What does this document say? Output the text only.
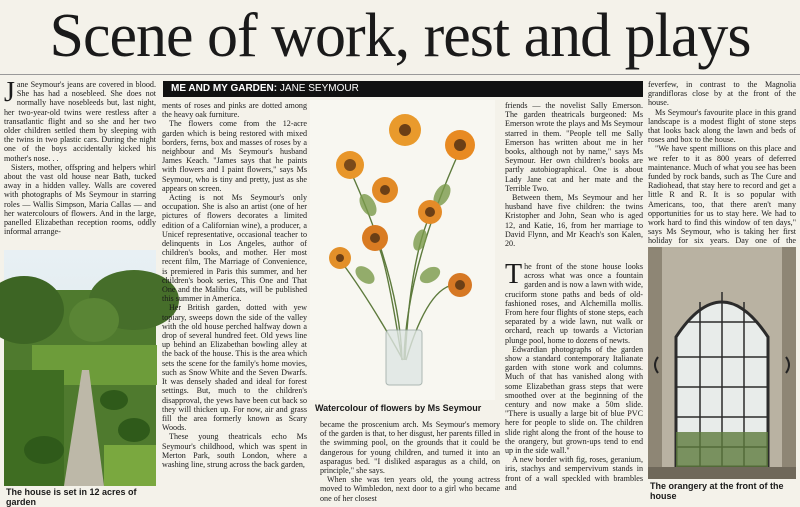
Scene of work, rest and plays
ME AND MY GARDEN: JANE SEYMOUR

Jane Seymour's jeans are covered in blood. She has had a nosebleed. She does not normally have nosebleeds but, last night, her two-year-old twins were restless after a transatlantic flight and so she and her two older children settled them by sleeping with the twins in two plastic cars. During the night one of the boys accidentally kicked his mother's nose. . .

Sisters, mother, offspring and helpers whirl about the vast old house near Bath, tucked away in a hidden valley. Walls are covered with photographs of Ms Seymour in starring roles — Wallis Simpson, Maria Callas — and her watercolours of flowers. And in the large, panelled Elizabethan reception rooms, oddly informal arrange-

The house is set in 12 acres of garden

ments of roses and pinks are dotted among the heavy oak furniture.

The flowers come from the 12-acre garden which is being restored with mixed borders, ferns, box and masses of roses by a neighbour and Ms Seymour's husband James Keach. "James says that he paints with flowers and I paint flowers," says Ms Seymour, who is tiny and pretty, just as she appears on screen.

Acting is not Ms Seymour's only occupation. She is also an artist (one of her pictures of flowers decorates a limited edition of a Californian wine), a producer, a Unicef representative, occasional teacher to delinquents in Los Angeles, author of children's books, and mother. Her most recent film, The Marriage of Convenience, is premiered in Paris this summer, and her children's book series, This One and That One and the Malibu Cats, will be published this summer in America.

Her British garden, dotted with yew topiary, sweeps down the side of the valley with the old house perched halfway down a drop of several hundred feet. Old yews line up behind an Elizabethan bowling alley at the back of the house. This is the area which sets the scene for the family's home movies, such as Snow White and the Seven Dwarfs. It was densely shaded and ideal for forest settings. But, much to the children's disapproval, the yews have been cut back so they will thicken up. For now, air and grass fill the area formerly known as Scary Woods.

These young theatricals echo Ms Seymour's childhood, which was spent in Merton Park, south London, where a washing line, strung across the back garden,

Watercolour of flowers by Ms Seymour

became the proscenium arch. Ms Seymour's memory of the garden is that, to her disgust, her parents filled in the swimming pool, on the grounds that it could be dangerous for young children, and turned it into an asparagus bed. "I disliked asparagus as a child, on principle," she says.

When she was ten years old, the young actress moved to Wimbledon, next door to a girl who became one of her closest

friends — the novelist Sally Emerson. The garden theatricals burgeoned: Ms Emerson wrote the plays and Ms Seymour starred in them. "People tell me Sally Emerson has written about me in her books, although not by name," says Ms Seymour. Her own children's books are partly autobiographical. One is about Lady Jane cat and her mate and the Terrible Two.

Between them, Ms Seymour and her husband have five children: the twins Kristopher and John, Sean who is aged 12, and Katie, 16, from her marriage to David Flynn, and Mr Keach's son Kalen, 20.

The front of the stone house looks across what was once a fountain garden and is now a lawn with wide, cruciform stone paths and beds of old-fashioned roses, and Alchemilla mollis. From here four flights of stone steps, each separated by a wide lawn, nut walk or orchard, reach up towards a Victorian plunge pool, home to dozens of newts.

Edwardian photographs of the garden show a standard contemporary Italianate garden with stone work and columns. Much of that has vanished along with some Elizabethan grass steps that were smoothed over at the beginning of the century and now make a 50m slide. "There is usually a large bit of blue PVC here for people to slide on. The children slide right along the front of the house to the orangery, but grown-ups tend to end up in the side wall."

A new border with fig, roses, geranium, iris, stachys and sempervivum stands in front of a wall speckled with brambles and

feverfew, in contrast to the Magnolia grandifloras close by at the front of the house.

Ms Seymour's favourite place in this grand landscape is a modest flight of stone steps that looks back along the lawn and beds of roses and box to the house.

"We have spent millions on this place and we refer to it as 800 years of deferred maintenance. Much of what you see has been funded by rock bands, such as The Cure and Radiohead, that stay here to record and get a little R and R. It is so popular with Americans, too, that there aren't many opportunities for us to stay here. We had to work hard to find this window of ten days," says Ms Seymour, who is taking her first holiday for six years. Day one of the

The orangery at the front of the house
